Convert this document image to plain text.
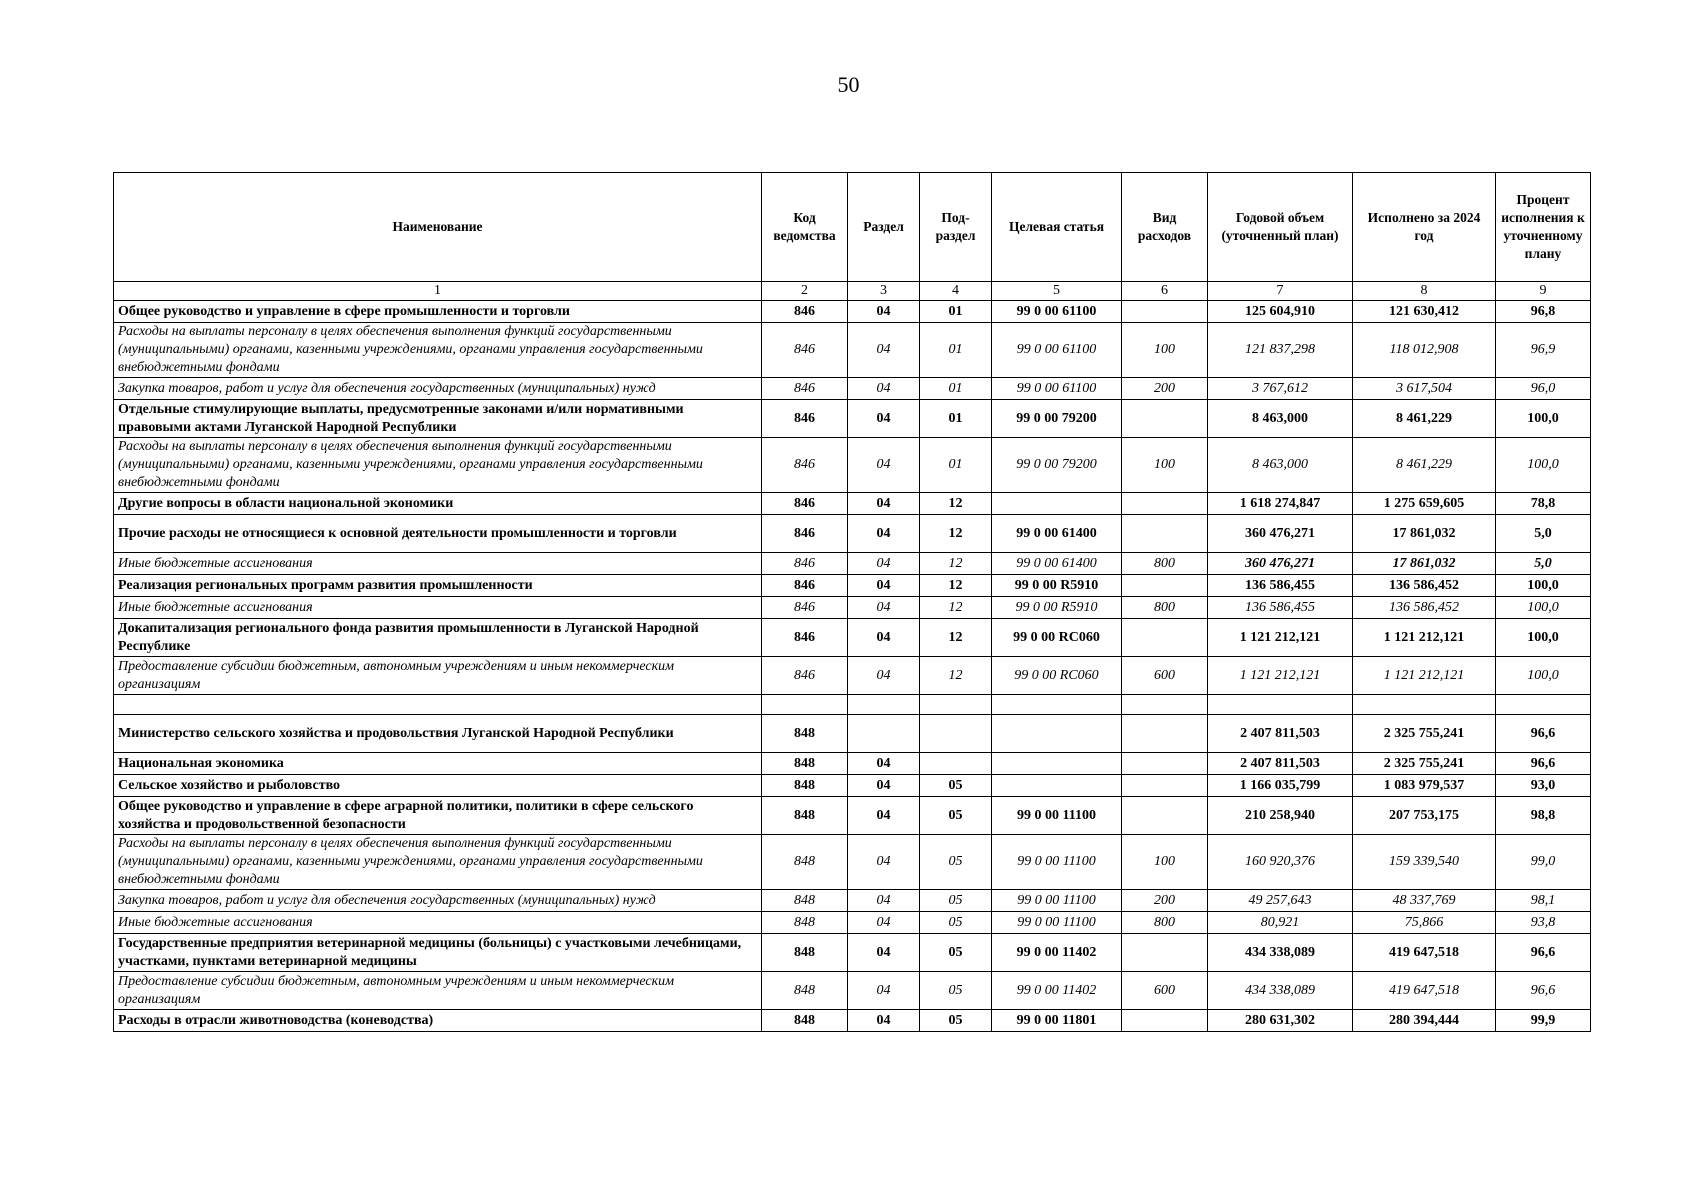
50
Наименование	Код ведомства	Раздел	Под-раздел	Целевая статья	Вид расходов	Годовой объем (уточненный план)	Исполнено за 2024 год	Процент исполнения к уточненному плану
1	2	3	4	5	6	7	8	9
Общее руководство и управление в сфере промышленности и торговли	846	04	01	99 0 00 61100		125 604,910	121 630,412	96,8
Расходы на выплаты персоналу в целях обеспечения выполнения функций государственными (муниципальными) органами, казенными учреждениями, органами управления государственными внебюджетными фондами	846	04	01	99 0 00 61100	100	121 837,298	118 012,908	96,9
Закупка товаров, работ и услуг для обеспечения государственных (муниципальных) нужд	846	04	01	99 0 00 61100	200	3 767,612	3 617,504	96,0
Отдельные стимулирующие выплаты, предусмотренные законами и/или нормативными правовыми актами Луганской Народной Республики	846	04	01	99 0 00 79200		8 463,000	8 461,229	100,0
Расходы на выплаты персоналу в целях обеспечения выполнения функций государственными (муниципальными) органами, казенными учреждениями, органами управления государственными внебюджетными фондами	846	04	01	99 0 00 79200	100	8 463,000	8 461,229	100,0
Другие вопросы в области национальной экономики	846	04	12			1 618 274,847	1 275 659,605	78,8
Прочие расходы не относящиеся к основной деятельности промышленности и торговли	846	04	12	99 0 00 61400		360 476,271	17 861,032	5,0
Иные бюджетные ассигнования	846	04	12	99 0 00 61400	800	360 476,271	17 861,032	5,0
Реализация региональных программ развития промышленности	846	04	12	99 0 00 R5910		136 586,455	136 586,452	100,0
Иные бюджетные ассигнования	846	04	12	99 0 00 R5910	800	136 586,455	136 586,452	100,0
Докапитализация регионального фонда развития промышленности в Луганской Народной Республике	846	04	12	99 0 00 RC060		1 121 212,121	1 121 212,121	100,0
Предоставление субсидии бюджетным, автономным учреждениям и иным некоммерческим организациям	846	04	12	99 0 00 RC060	600	1 121 212,121	1 121 212,121	100,0

Министерство сельского хозяйства и продовольствия Луганской Народной Республики	848					2 407 811,503	2 325 755,241	96,6
Национальная экономика	848	04				2 407 811,503	2 325 755,241	96,6
Сельское хозяйство и рыболовство	848	04	05			1 166 035,799	1 083 979,537	93,0
Общее руководство и управление в сфере аграрной политики, политики в сфере сельского хозяйства и продовольственной безопасности	848	04	05	99 0 00 11100		210 258,940	207 753,175	98,8
Расходы на выплаты персоналу в целях обеспечения выполнения функций государственными (муниципальными) органами, казенными учреждениями, органами управления государственными внебюджетными фондами	848	04	05	99 0 00 11100	100	160 920,376	159 339,540	99,0
Закупка товаров, работ и услуг для обеспечения государственных (муниципальных) нужд	848	04	05	99 0 00 11100	200	49 257,643	48 337,769	98,1
Иные бюджетные ассигнования	848	04	05	99 0 00 11100	800	80,921	75,866	93,8
Государственные предприятия ветеринарной медицины (больницы) с участковыми лечебницами, участками, пунктами ветеринарной медицины	848	04	05	99 0 00 11402		434 338,089	419 647,518	96,6
Предоставление субсидии бюджетным, автономным учреждениям и иным некоммерческим организациям	848	04	05	99 0 00 11402	600	434 338,089	419 647,518	96,6
Расходы в отрасли животноводства (коневодства)	848	04	05	99 0 00 11801		280 631,302	280 394,444	99,9
